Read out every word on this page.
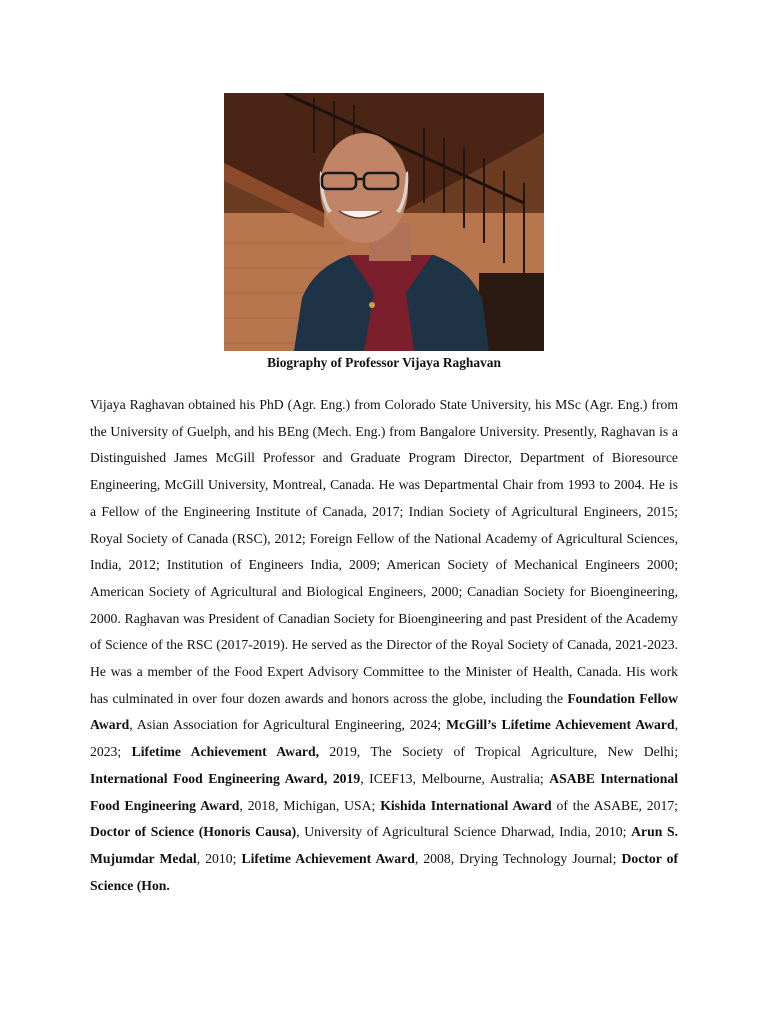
Biography of Professor Vijaya Raghavan

Vijaya Raghavan obtained his PhD (Agr. Eng.) from Colorado State University, his MSc (Agr. Eng.) from the University of Guelph, and his BEng (Mech. Eng.) from Bangalore University. Presently, Raghavan is a Distinguished James McGill Professor and Graduate Program Director, Department of Bioresource Engineering, McGill University, Montreal, Canada. He was Departmental Chair from 1993 to 2004. He is a Fellow of the Engineering Institute of Canada, 2017; Indian Society of Agricultural Engineers, 2015; Royal Society of Canada (RSC), 2012; Foreign Fellow of the National Academy of Agricultural Sciences, India, 2012; Institution of Engineers India, 2009; American Society of Mechanical Engineers 2000; American Society of Agricultural and Biological Engineers, 2000; Canadian Society for Bioengineering, 2000. Raghavan was President of Canadian Society for Bioengineering and past President of the Academy of Science of the RSC (2017-2019). He served as the Director of the Royal Society of Canada, 2021-2023. He was a member of the Food Expert Advisory Committee to the Minister of Health, Canada. His work has culminated in over four dozen awards and honors across the globe, including the Foundation Fellow Award, Asian Association for Agricultural Engineering, 2024; McGill’s Lifetime Achievement Award, 2023; Lifetime Achievement Award, 2019, The Society of Tropical Agriculture, New Delhi; International Food Engineering Award, 2019, ICEF13, Melbourne, Australia; ASABE International Food Engineering Award, 2018, Michigan, USA; Kishida International Award of the ASABE, 2017; Doctor of Science (Honoris Causa), University of Agricultural Science Dharwad, India, 2010; Arun S. Mujumdar Medal, 2010; Lifetime Achievement Award, 2008, Drying Technology Journal; Doctor of Science (Hon.
